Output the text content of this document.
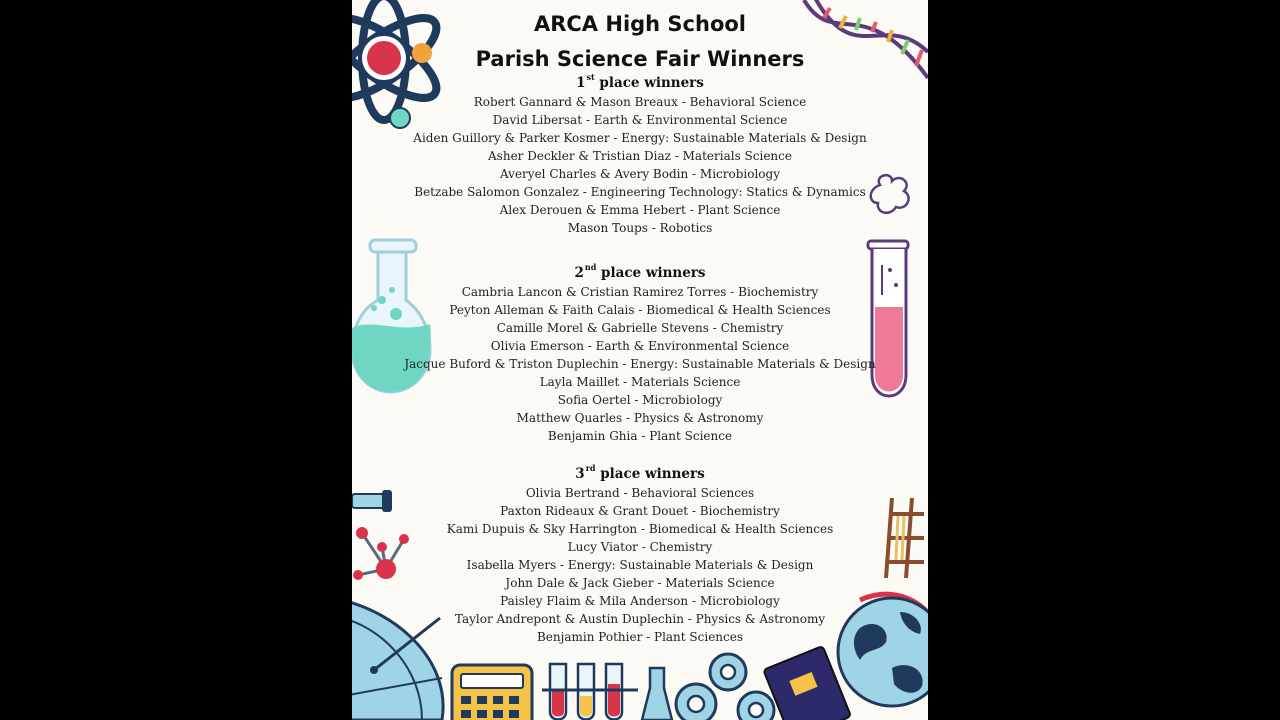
ARCA High School
Parish Science Fair Winners
1st place winners
Robert Gannard & Mason Breaux - Behavioral Science
David Libersat - Earth & Environmental Science
Aiden Guillory & Parker Kosmer - Energy: Sustainable Materials & Design
Asher Deckler & Tristian Diaz - Materials Science
Averyel Charles & Avery Bodin - Microbiology
Betzabe Salomon Gonzalez - Engineering Technology: Statics & Dynamics
Alex Derouen & Emma Hebert - Plant Science
Mason Toups - Robotics
2nd place winners
Cambria Lancon & Cristian Ramirez Torres - Biochemistry
Peyton Alleman & Faith Calais - Biomedical & Health Sciences
Camille Morel & Gabrielle Stevens - Chemistry
Olivia Emerson - Earth & Environmental Science
Jacque Buford & Triston Duplechin - Energy: Sustainable Materials & Design
Layla Maillet - Materials Science
Sofia Oertel - Microbiology
Matthew Quarles - Physics & Astronomy
Benjamin Ghia - Plant Science
3rd place winners
Olivia Bertrand - Behavioral Sciences
Paxton Rideaux & Grant Douet - Biochemistry
Kami Dupuis & Sky Harrington - Biomedical & Health Sciences
Lucy Viator - Chemistry
Isabella Myers - Energy: Sustainable Materials & Design
John Dale & Jack Gieber - Materials Science
Paisley Flaim & Mila Anderson - Microbiology
Taylor Andrepont & Austin Duplechin - Physics & Astronomy
Benjamin Pothier - Plant Sciences
